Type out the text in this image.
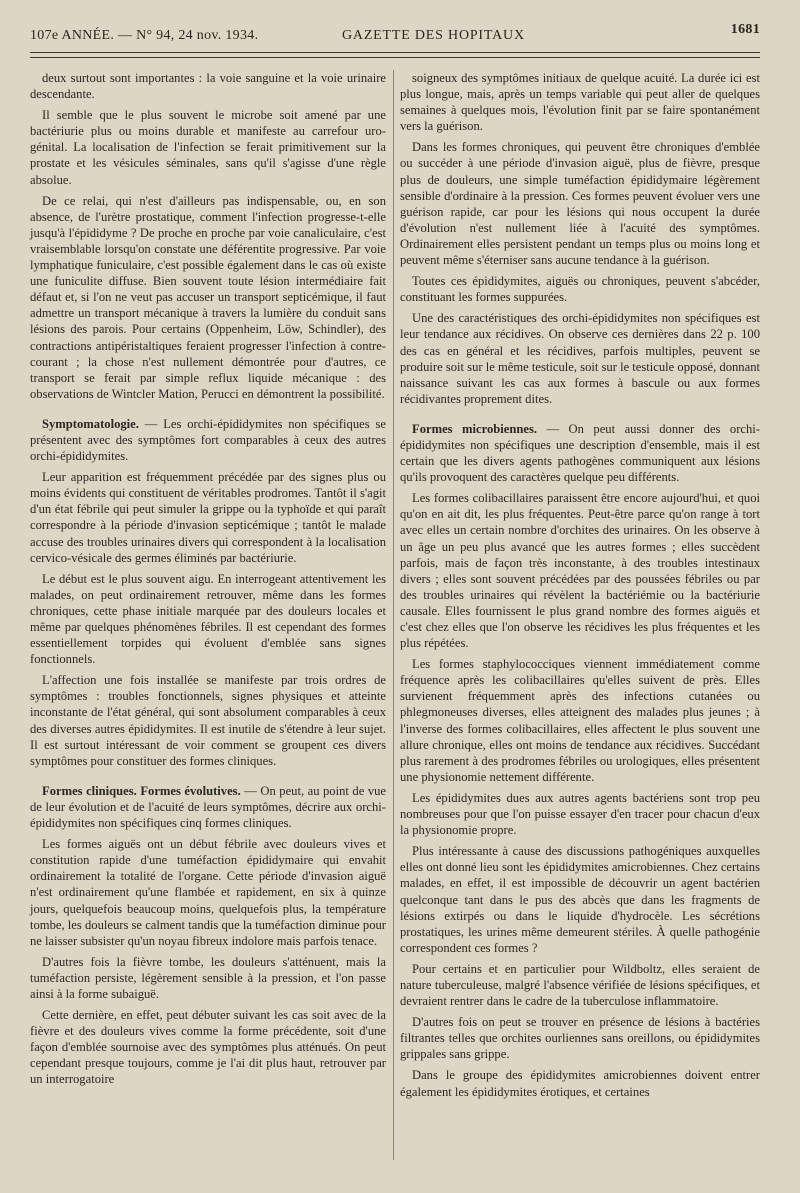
107e ANNÉE. — N° 94, 24 nov. 1934.	GAZETTE DES HOPITAUX	1681

deux surtout sont importantes : la voie sanguine et la voie urinaire descendante.

Il semble que le plus souvent le microbe soit amené par une bactériurie plus ou moins durable et manifeste au carrefour uro-génital. La localisation de l'infection se ferait primitivement sur la prostate et les vésicules séminales, sans qu'il s'agisse d'une règle absolue.

De ce relai, qui n'est d'ailleurs pas indispensable, ou, en son absence, de l'urètre prostatique, comment l'infection progresse-t-elle jusqu'à l'épididyme ? De proche en proche par voie canaliculaire, c'est vraisemblable lorsqu'on constate une déférentite progressive. Par voie lymphatique funiculaire, c'est possible également dans le cas où existe une funiculite diffuse. Bien souvent toute lésion intermédiaire fait défaut et, si l'on ne veut pas accuser un transport septicémique, il faut admettre un transport mécanique à travers la lumière du conduit sans lésions des parois. Pour certains (Oppenheim, Löw, Schindler), des contractions antipéristaltiques feraient progresser l'infection à contre-courant ; la chose n'est nullement démontrée pour d'autres, ce transport se ferait par simple reflux liquide mécanique : des observations de Wintcler Mation, Perucci en démontrent la possibilité.

Symptomatologie. — Les orchi-épididymites non spécifiques se présentent avec des symptômes fort comparables à ceux des autres orchi-épididymites.

Leur apparition est fréquemment précédée par des signes plus ou moins évidents qui constituent de véritables prodromes. Tantôt il s'agit d'un état fébrile qui peut simuler la grippe ou la typhoïde et qui paraît correspondre à la période d'invasion septicémique ; tantôt le malade accuse des troubles urinaires divers qui correspondent à la localisation cervico-vésicale des germes éliminés par bactériurie.

Le début est le plus souvent aigu. En interrogeant attentivement les malades, on peut ordinairement retrouver, même dans les formes chroniques, cette phase initiale marquée par des douleurs locales et même par quelques phénomènes fébriles. Il est cependant des formes essentiellement torpides qui évoluent d'emblée sans signes fonctionnels.

L'affection une fois installée se manifeste par trois ordres de symptômes : troubles fonctionnels, signes physiques et atteinte inconstante de l'état général, qui sont absolument comparables à ceux des diverses autres épididymites. Il est inutile de s'étendre à leur sujet. Il est surtout intéressant de voir comment se groupent ces divers symptômes pour constituer des formes cliniques.

Formes cliniques. Formes évolutives. — On peut, au point de vue de leur évolution et de l'acuité de leurs symptômes, décrire aux orchi-épididymites non spécifiques cinq formes cliniques.

Les formes aiguës ont un début fébrile avec douleurs vives et constitution rapide d'une tuméfaction épididymaire qui envahit ordinairement la totalité de l'organe. Cette période d'invasion aiguë n'est ordinairement qu'une flambée et rapidement, en six à quinze jours, quelquefois beaucoup moins, quelquefois plus, la température tombe, les douleurs se calment tandis que la tuméfaction diminue pour ne laisser subsister qu'un noyau fibreux indolore mais parfois tenace.

D'autres fois la fièvre tombe, les douleurs s'atténuent, mais la tuméfaction persiste, légèrement sensible à la pression, et l'on passe ainsi à la forme subaiguë.

Cette dernière, en effet, peut débuter suivant les cas soit avec de la fièvre et des douleurs vives comme la forme précédente, soit d'une façon d'emblée sournoise avec des symptômes plus atténués. On peut cependant presque toujours, comme je l'ai dit plus haut, retrouver par un interrogatoire

soigneux des symptômes initiaux de quelque acuité. La durée ici est plus longue, mais, après un temps variable qui peut aller de quelques semaines à quelques mois, l'évolution finit par se faire spontanément vers la guérison.

Dans les formes chroniques, qui peuvent être chroniques d'emblée ou succéder à une période d'invasion aiguë, plus de fièvre, presque plus de douleurs, une simple tuméfaction épididymaire légèrement sensible d'ordinaire à la pression. Ces formes peuvent évoluer vers une guérison rapide, car pour les lésions qui nous occupent la durée d'évolution n'est nullement liée à l'acuité des symptômes. Ordinairement elles persistent pendant un temps plus ou moins long et peuvent même s'éterniser sans aucune tendance à la guérison.

Toutes ces épididymites, aiguës ou chroniques, peuvent s'abcéder, constituant les formes suppurées.

Une des caractéristiques des orchi-épididymites non spécifiques est leur tendance aux récidives. On observe ces dernières dans 22 p. 100 des cas en général et les récidives, parfois multiples, peuvent se produire soit sur le même testicule, soit sur le testicule opposé, donnant naissance suivant les cas aux formes à bascule ou aux formes récidivantes proprement dites.

Formes microbiennes. — On peut aussi donner des orchi-épididymites non spécifiques une description d'ensemble, mais il est certain que les divers agents pathogènes communiquent aux lésions qu'ils provoquent des caractères quelque peu différents.

Les formes colibacillaires paraissent être encore aujourd'hui, et quoi qu'on en ait dit, les plus fréquentes. Peut-être parce qu'on range à tort avec elles un certain nombre d'orchites des urinaires. On les observe à un âge un peu plus avancé que les autres formes ; elles succèdent parfois, mais de façon très inconstante, à des troubles intestinaux divers ; elles sont souvent précédées par des poussées fébriles ou par des troubles urinaires qui révèlent la bactériémie ou la bactériurie causale. Elles fournissent le plus grand nombre des formes aiguës et c'est chez elles que l'on observe les récidives les plus fréquentes et les plus répétées.

Les formes staphylococciques viennent immédiatement comme fréquence après les colibacillaires qu'elles suivent de près. Elles survienent fréquemment après des infections cutanées ou phlegmoneuses diverses, elles atteignent des malades plus jeunes ; à l'inverse des formes colibacillaires, elles affectent le plus souvent une allure chronique, elles ont moins de tendance aux récidives. Succédant plus rarement à des prodromes fébriles ou urologiques, elles présentent une physionomie nettement différente.

Les épididymites dues aux autres agents bactériens sont trop peu nombreuses pour que l'on puisse essayer d'en tracer pour chacun d'eux la physionomie propre.

Plus intéressante à cause des discussions pathogéniques auxquelles elles ont donné lieu sont les épididymites amicrobiennes. Chez certains malades, en effet, il est impossible de découvrir un agent bactérien quelconque tant dans le pus des abcès que dans les fragments de lésions extirpés ou dans le liquide d'hydrocèle. Les sécrétions prostatiques, les urines même demeurent stériles. À quelle pathogénie correspondent ces formes ?

Pour certains et en particulier pour Wildboltz, elles seraient de nature tuberculeuse, malgré l'absence vérifiée de lésions spécifiques, et devraient rentrer dans le cadre de la tuberculose inflammatoire.

D'autres fois on peut se trouver en présence de lésions à bactéries filtrantes telles que orchites ourliennes sans oreillons, ou épididymites grippales sans grippe.

Dans le groupe des épididymites amicrobiennes doivent entrer également les épididymites érotiques, et certaines
